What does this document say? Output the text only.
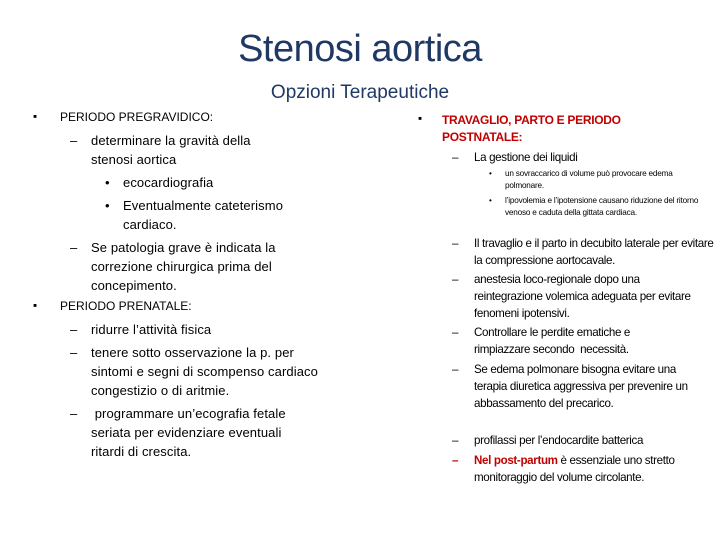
Stenosi aortica
Opzioni Terapeutiche
▪ PERIODO PREGRAVIDICO:
– determinare la gravità della stenosi aortica
• ecocardiografia
• Eventualmente cateterismo cardiaco.
– Se patologia grave è indicata la correzione chirurgica prima del concepimento.
▪ PERIODO PRENATALE:
– ridurre l’attività fisica
– tenere sotto osservazione la p. per sintomi e segni di scompenso cardiaco congestizio o di aritmie.
– programmare un’ecografia fetale seriata per evidenziare eventuali ritardi di crescita.
▪ TRAVAGLIO, PARTO E PERIODO POSTNATALE:
– La gestione dei liquidi
• un sovraccarico di volume può provocare edema polmonare.
• l’ipovolemia e l’ipotensione causano riduzione del ritorno venoso e caduta della gittata cardiaca.
– Il travaglio e il parto in decubito laterale per evitare la compressione aortocavale.
– anestesia loco-regionale dopo una reintegrazione volemica adeguata per evitare fenomeni ipotensivi.
– Controllare le perdite ematiche e rimpiazzare secondo  necessità.
– Se edema polmonare bisogna evitare una terapia diuretica aggressiva per prevenire un abbassamento del precarico.
– profilassi per l’endocardite batterica
– Nel post-partum è essenziale uno stretto monitoraggio del volume circolante.
